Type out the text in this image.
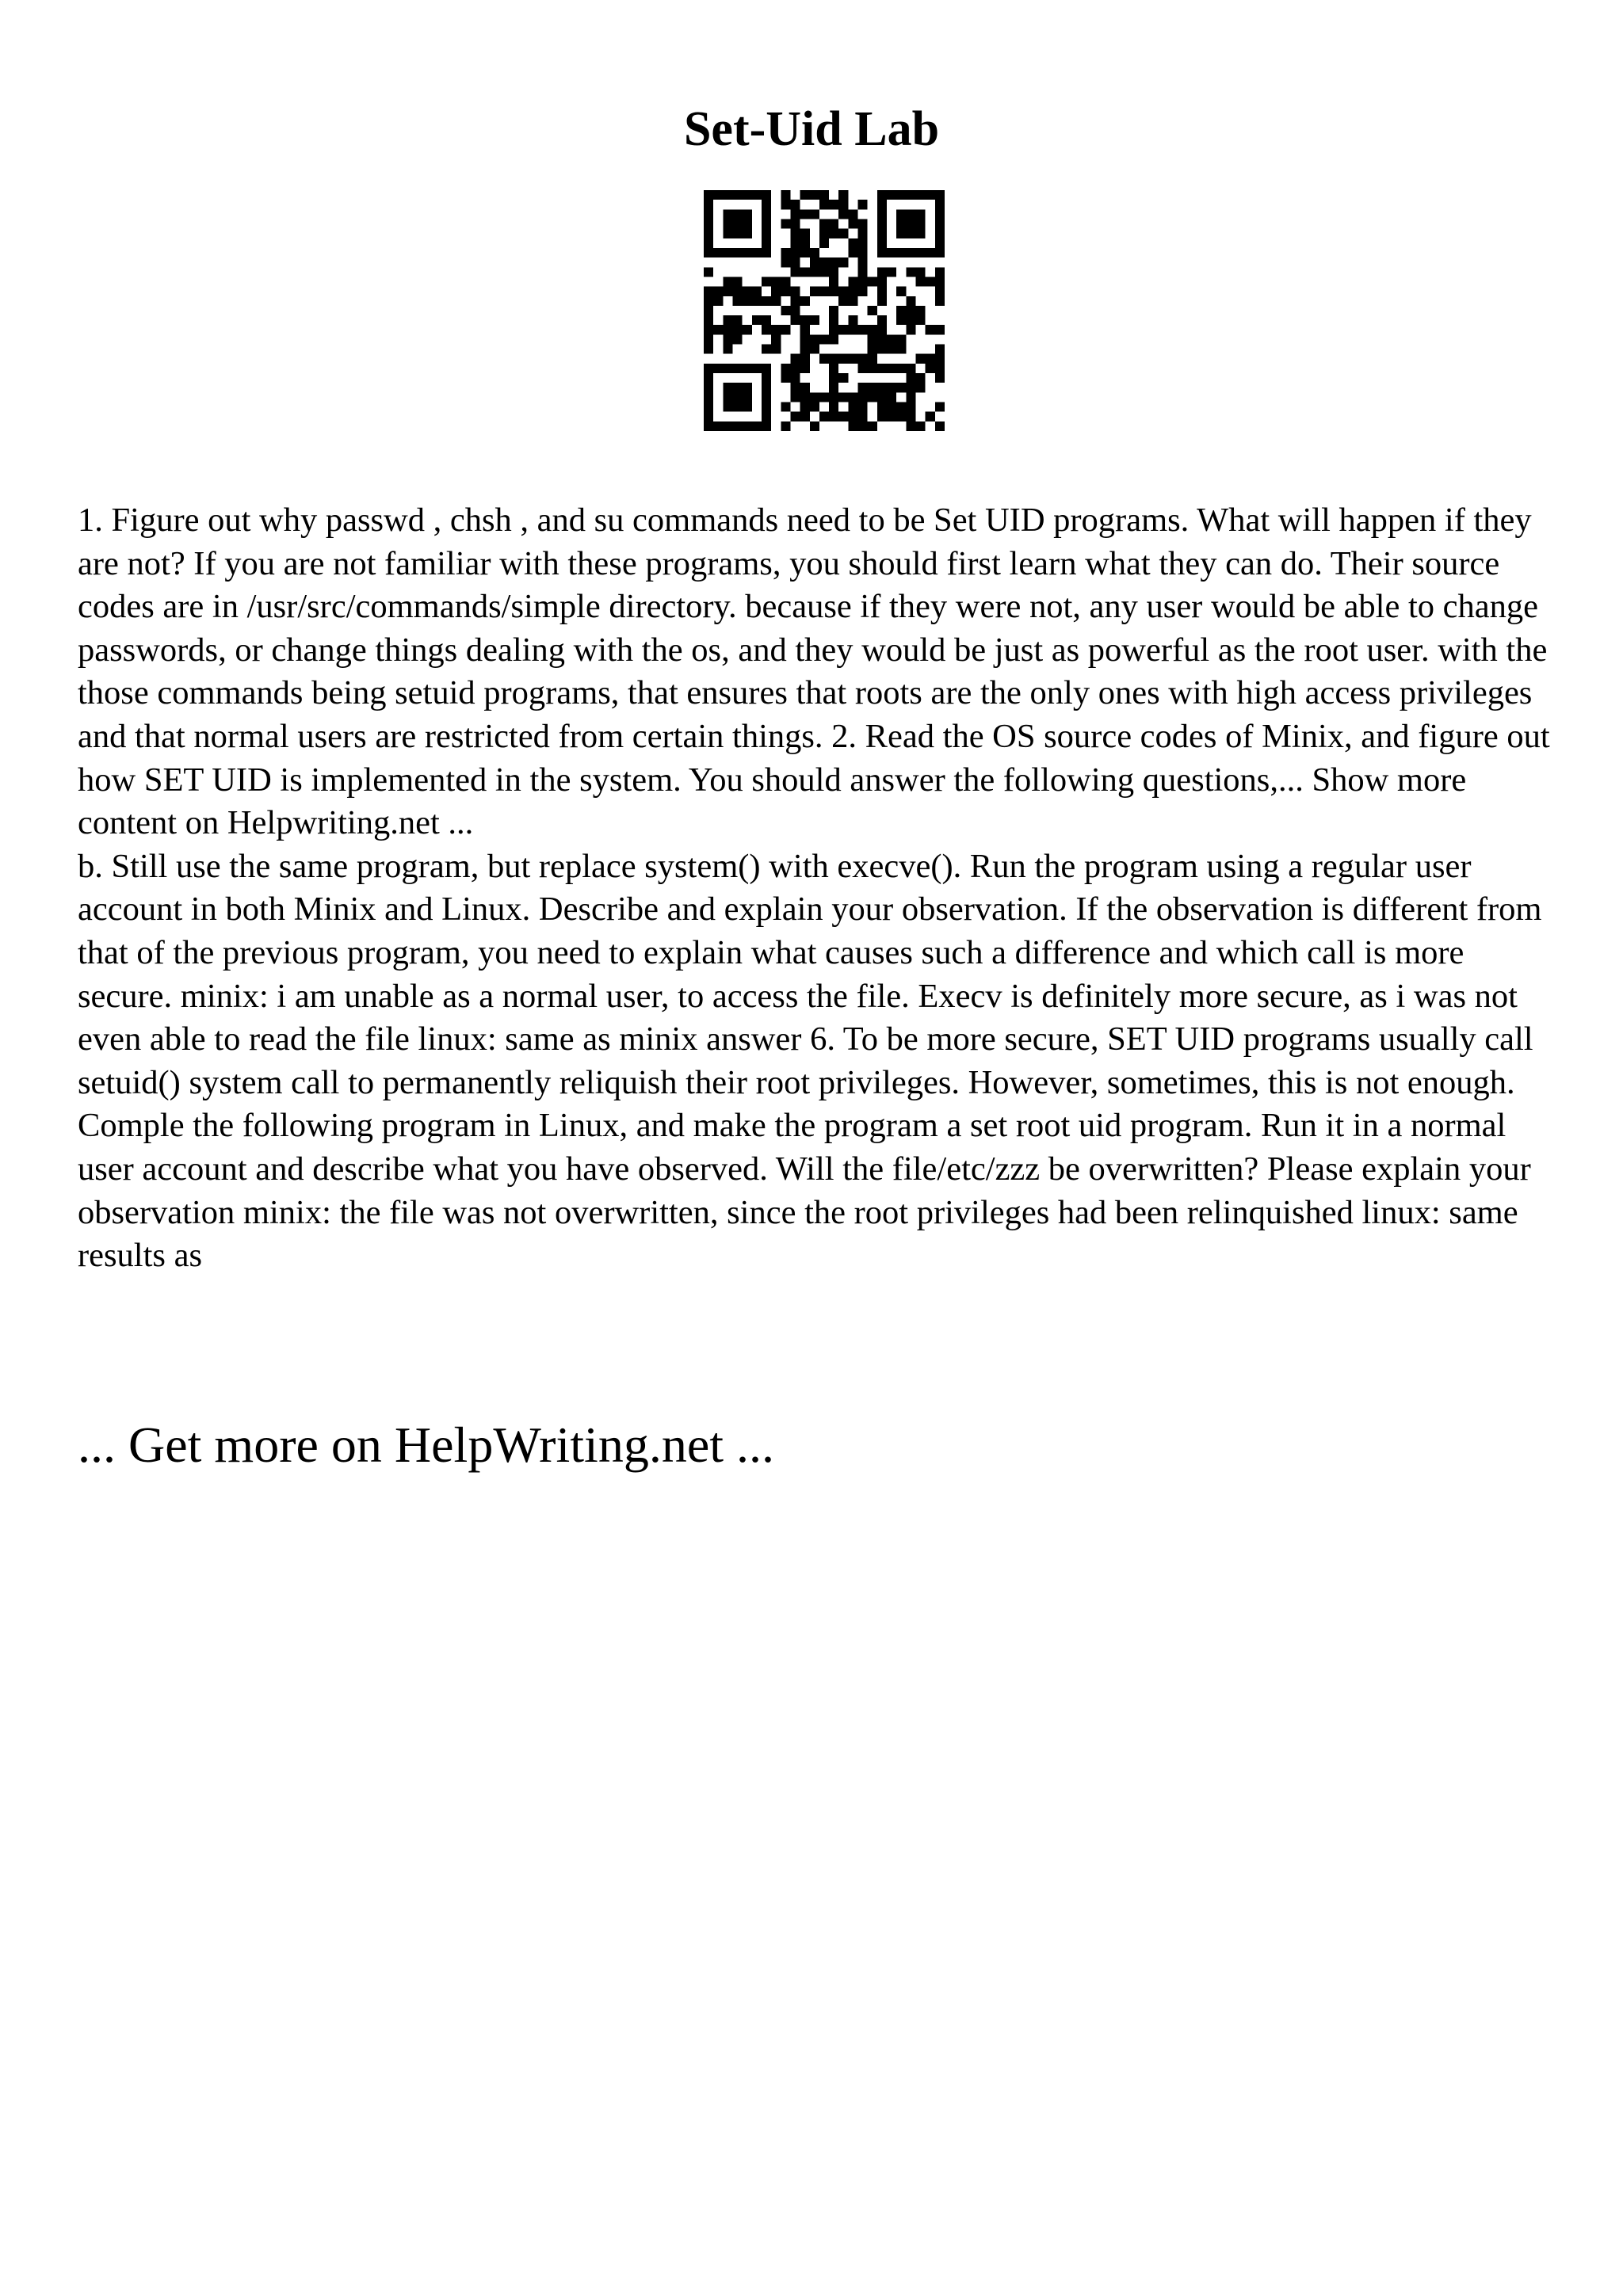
Set-Uid Lab

1. Figure out why passwd , chsh , and su commands need to be Set UID programs. What will happen if they are not? If you are not familiar with these programs, you should first learn what they can do. Their source codes are in /usr/src/commands/simple directory. because if they were not, any user would be able to change passwords, or change things dealing with the os, and they would be just as powerful as the root user. with the those commands being setuid programs, that ensures that roots are the only ones with high access privileges and that normal users are restricted from certain things. 2. Read the OS source codes of Minix, and figure out how SET UID is implemented in the system. You should answer the following questions,... Show more content on Helpwriting.net ...

b. Still use the same program, but replace system() with execve(). Run the program using a regular user account in both Minix and Linux. Describe and explain your observation. If the observation is different from that of the previous program, you need to explain what causes such a difference and which call is more secure. minix: i am unable as a normal user, to access the file. Execv is definitely more secure, as i was not even able to read the file linux: same as minix answer 6. To be more secure, SET UID programs usually call setuid() system call to permanently reliquish their root privileges. However, sometimes, this is not enough. Comple the following program in Linux, and make the program a set root uid program. Run it in a normal user account and describe what you have observed. Will the file/etc/zzz be overwritten? Please explain your observation minix: the file was not overwritten, since the root privileges had been relinquished linux: same results as

... Get more on HelpWriting.net ...
